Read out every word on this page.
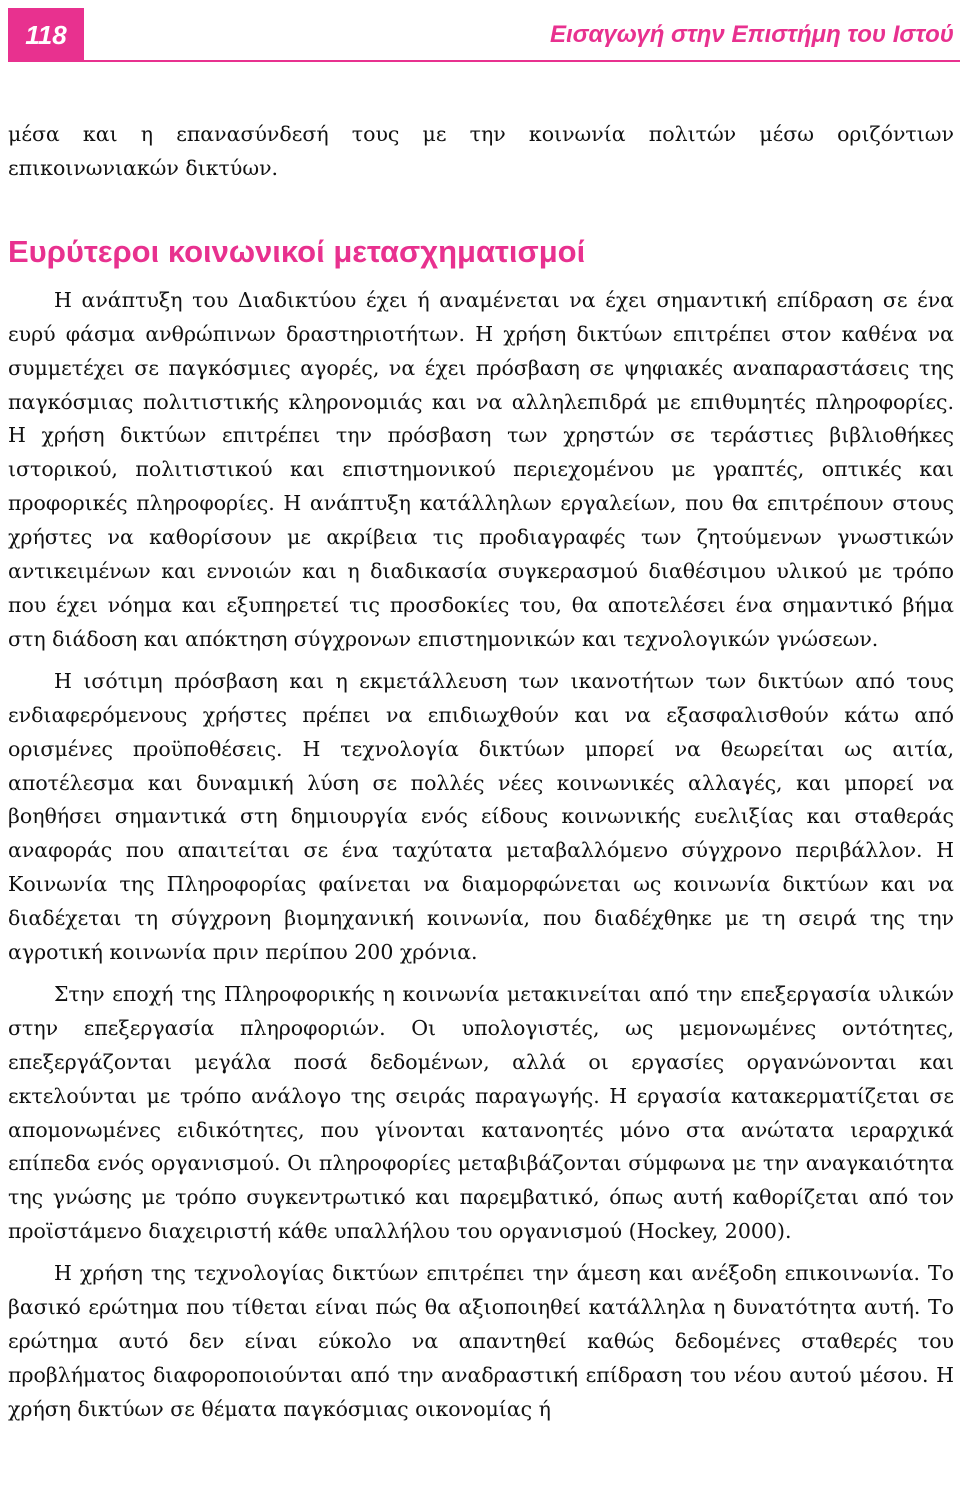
118	Εισαγωγή στην Επιστήμη του Ιστού

μέσα και η επανασύνδεσή τους με την κοινωνία πολιτών μέσω οριζόντιων επικοινωνιακών δικτύων.

Ευρύτεροι κοινωνικοί μετασχηματισμοί

Η ανάπτυξη του Διαδικτύου έχει ή αναμένεται να έχει σημαντική επίδραση σε ένα ευρύ φάσμα ανθρώπινων δραστηριοτήτων. Η χρήση δικτύων επιτρέπει στον καθένα να συμμετέχει σε παγκόσμιες αγορές, να έχει πρόσβαση σε ψηφιακές αναπαραστάσεις της παγκόσμιας πολιτιστικής κληρονομιάς και να αλληλεπιδρά με επιθυμητές πληροφορίες. Η χρήση δικτύων επιτρέπει την πρόσβαση των χρηστών σε τεράστιες βιβλιοθήκες ιστορικού, πολιτιστικού και επιστημονικού περιεχομένου με γραπτές, οπτικές και προφορικές πληροφορίες. Η ανάπτυξη κατάλληλων εργαλείων, που θα επιτρέπουν στους χρήστες να καθορίσουν με ακρίβεια τις προδιαγραφές των ζητούμενων γνωστικών αντικειμένων και εννοιών και η διαδικασία συγκερασμού διαθέσιμου υλικού με τρόπο που έχει νόημα και εξυπηρετεί τις προσδοκίες του, θα αποτελέσει ένα σημαντικό βήμα στη διάδοση και απόκτηση σύγχρονων επιστημονικών και τεχνολογικών γνώσεων.

Η ισότιμη πρόσβαση και η εκμετάλλευση των ικανοτήτων των δικτύων από τους ενδιαφερόμενους χρήστες πρέπει να επιδιωχθούν και να εξασφαλισθούν κάτω από ορισμένες προϋποθέσεις. Η τεχνολογία δικτύων μπορεί να θεωρείται ως αιτία, αποτέλεσμα και δυναμική λύση σε πολλές νέες κοινωνικές αλλαγές, και μπορεί να βοηθήσει σημαντικά στη δημιουργία ενός είδους κοινωνικής ευελιξίας και σταθεράς αναφοράς που απαιτείται σε ένα ταχύτατα μεταβαλλόμενο σύγχρονο περιβάλλον. Η Κοινωνία της Πληροφορίας φαίνεται να διαμορφώνεται ως κοινωνία δικτύων και να διαδέχεται τη σύγχρονη βιομηχανική κοινωνία, που διαδέχθηκε με τη σειρά της την αγροτική κοινωνία πριν περίπου 200 χρόνια.

Στην εποχή της Πληροφορικής η κοινωνία μετακινείται από την επεξεργασία υλικών στην επεξεργασία πληροφοριών. Οι υπολογιστές, ως μεμονωμένες οντότητες, επεξεργάζονται μεγάλα ποσά δεδομένων, αλλά οι εργασίες οργανώνονται και εκτελούνται με τρόπο ανάλογο της σειράς παραγωγής. Η εργασία κατακερματίζεται σε απομονωμένες ειδικότητες, που γίνονται κατανοητές μόνο στα ανώτατα ιεραρχικά επίπεδα ενός οργανισμού. Οι πληροφορίες μεταβιβάζονται σύμφωνα με την αναγκαιότητα της γνώσης με τρόπο συγκεντρωτικό και παρεμβατικό, όπως αυτή καθορίζεται από τον προϊστάμενο διαχειριστή κάθε υπαλλήλου του οργανισμού (Hockey, 2000).

Η χρήση της τεχνολογίας δικτύων επιτρέπει την άμεση και ανέξοδη επικοινωνία. Το βασικό ερώτημα που τίθεται είναι πώς θα αξιοποιηθεί κατάλληλα η δυνατότητα αυτή. Το ερώτημα αυτό δεν είναι εύκολο να απαντηθεί καθώς δεδομένες σταθερές του προβλήματος διαφοροποιούνται από την αναδραστική επίδραση του νέου αυτού μέσου. Η χρήση δικτύων σε θέματα παγκόσμιας οικονομίας ή
